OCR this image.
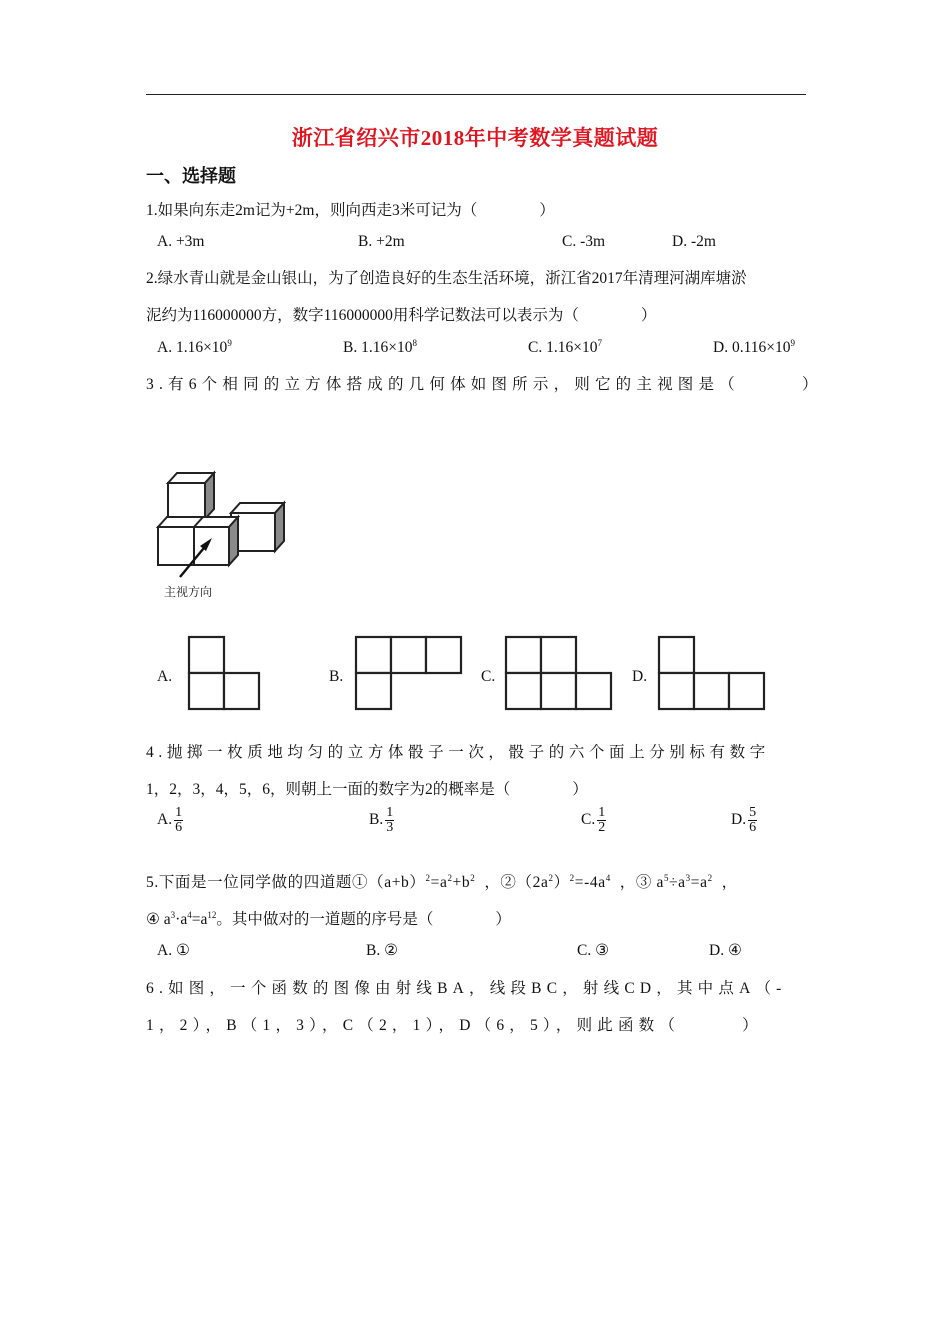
浙江省绍兴市2018年中考数学真题试题
一、选择题
1.如果向东走2m记为+2m，则向西走3米可记为（　　　　）
A. +3m	B. +2m	C. -3m	D. -2m
2.绿水青山就是金山银山，为了创造良好的生态生活环境，浙江省2017年清理河湖库塘淤
泥约为116000000方，数字116000000用科学记数法可以表示为（　　　　）
A. $1.16\times 10^9$	B. $1.16\times 10^8$	C. $1.16\times 10^7$	D. $0.116\times 10^9$
3.有6个相同的立方体搭成的几何体如图所示，则它的主视图是（　　　）
主视方向
A.	B.	C.	D.
4.抛掷一枚质地均匀的立方体骰子一次，骰子的六个面上分别标有数字
1，2，3，4，5，6，则朝上一面的数字为2的概率是（　　　　）
A. $\frac{1}{6}$	B. $\frac{1}{3}$	C. $\frac{1}{2}$	D. $\frac{5}{6}$
5.下面是一位同学做的四道题$①(a+b)^2=a^2+b^2$ ，$②(2a^2)^2=-4a^4$ ，③ $a^5\div a^3=a^2$ ，
④ $a^3\cdot a^4=a^{12}$。其中做对的一道题的序号是（　　　　）
A. ①	B. ②	C. ③	D. ④
6.如图，一个函数的图像由射线BA，线段BC，射线CD，其中点A（-
1，2），B（1，3），C（2，1），D（6，5），则此函数（　　　）
